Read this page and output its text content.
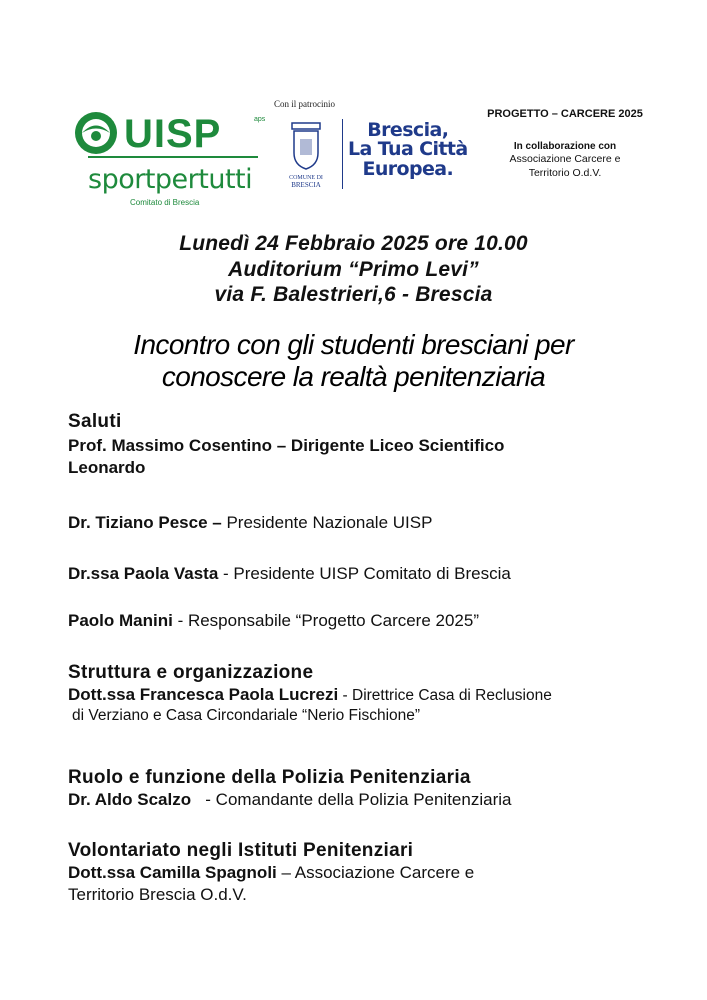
UISP	aps
sportpertutti
Comitato di Brescia
Con il patrocinio
COMUNE DI
BRESCIA
Brescia,
La Tua Città
Europea.
PROGETTO – CARCERE 2025
In collaborazione con
Associazione Carcere e
Territorio O.d.V.
Lunedì 24 Febbraio 2025 ore 10.00
Auditorium “Primo Levi”
via F. Balestrieri,6 - Brescia
Incontro con gli studenti bresciani per
conoscere la realtà penitenziaria
Saluti
Prof. Massimo Cosentino – Dirigente Liceo Scientifico
Leonardo
Dr. Tiziano Pesce – Presidente Nazionale UISP
Dr.ssa Paola Vasta - Presidente UISP Comitato di Brescia
Paolo Manini - Responsabile “Progetto Carcere 2025”
Struttura e organizzazione
Dott.ssa Francesca Paola Lucrezi - Direttrice Casa di Reclusione
di Verziano e Casa Circondariale “Nerio Fischione”
Ruolo e funzione della Polizia Penitenziaria
Dr. Aldo Scalzo   - Comandante della Polizia Penitenziaria
Volontariato negli Istituti Penitenziari
Dott.ssa Camilla Spagnoli – Associazione Carcere e
Territorio Brescia O.d.V.
